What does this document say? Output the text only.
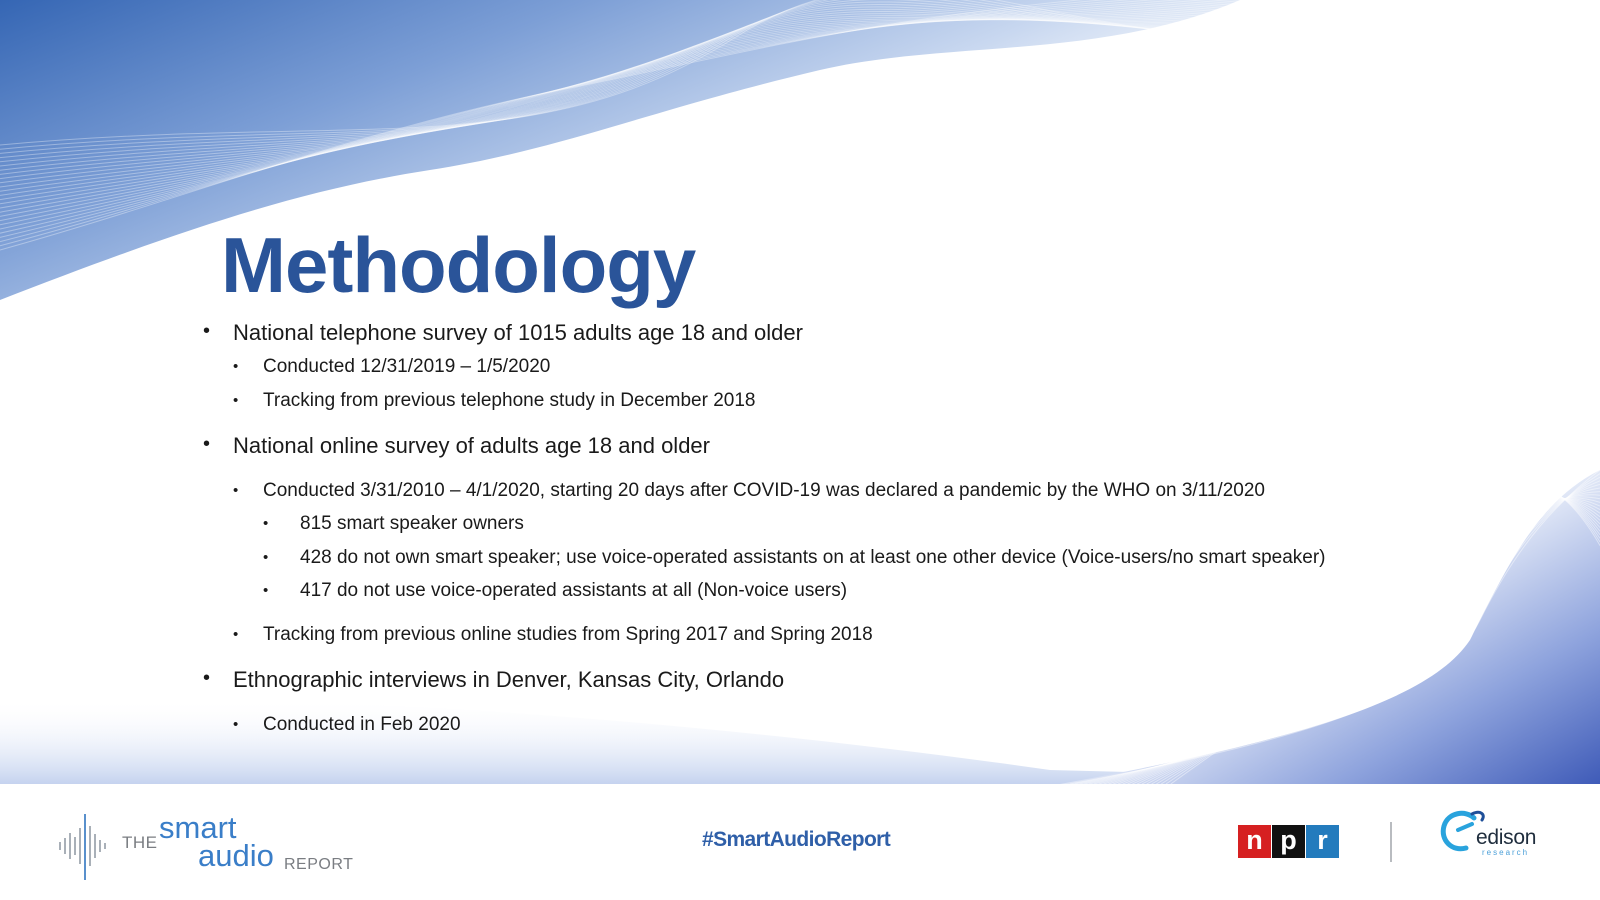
Methodology
• National telephone survey of 1015 adults age 18 and older
• Conducted 12/31/2019 – 1/5/2020
• Tracking from previous telephone study in December 2018
• National online survey of adults age 18 and older
• Conducted 3/31/2010 – 4/1/2020, starting 20 days after COVID-19 was declared a pandemic by the WHO on 3/11/2020
• 815 smart speaker owners
• 428 do not own smart speaker; use voice-operated assistants on at least one other device (Voice-users/no smart speaker)
• 417 do not use voice-operated assistants at all (Non-voice users)
• Tracking from previous online studies from Spring 2017 and Spring 2018
• Ethnographic interviews in Denver, Kansas City, Orlando
• Conducted in Feb 2020
THE smart
audio REPORT
#SmartAudioReport	n p r	edison
research
